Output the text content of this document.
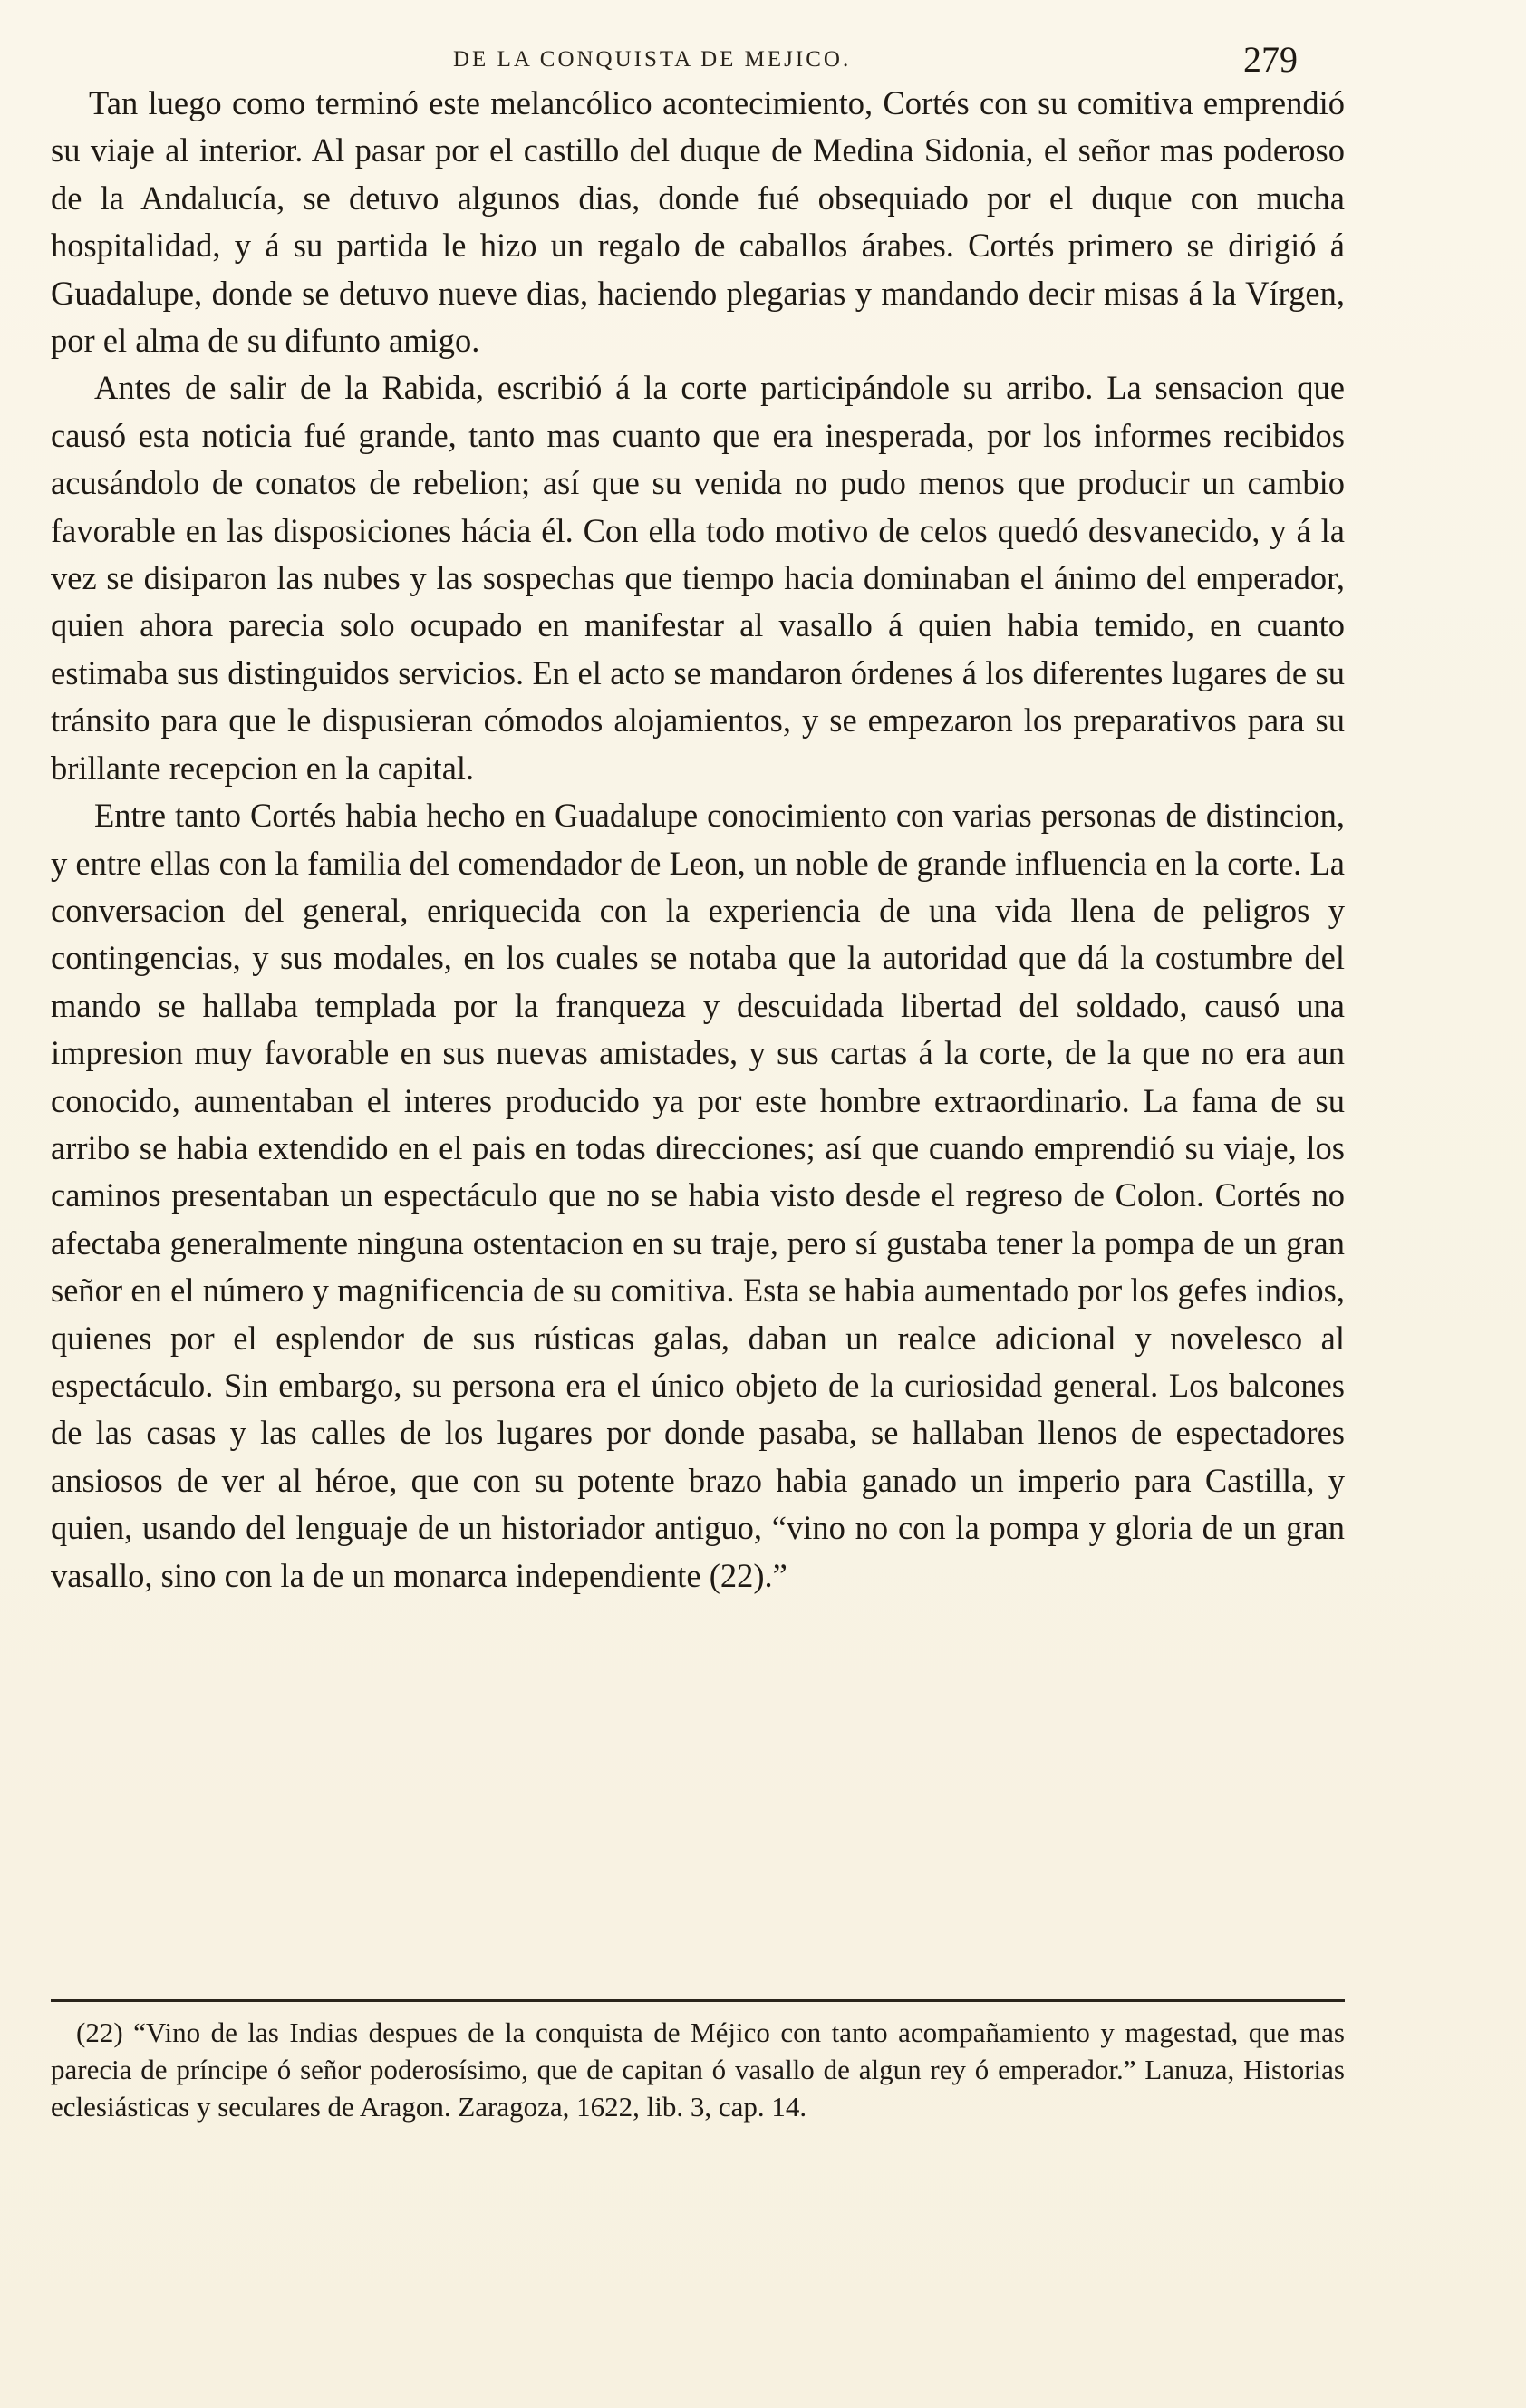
DE LA CONQUISTA DE MEJICO.	279

Tan luego como terminó este melancólico acontecimiento, Cortés con su comitiva emprendió su viaje al interior. Al pasar por el castillo del duque de Medina Sidonia, el señor mas poderoso de la Andalucía, se detuvo algunos dias, donde fué obsequiado por el duque con mucha hospitalidad, y á su partida le hizo un regalo de caballos árabes. Cortés primero se dirigió á Guadalupe, donde se detuvo nueve dias, haciendo plegarias y mandando decir misas á la Vírgen, por el alma de su difunto amigo.

Antes de salir de la Rabida, escribió á la corte participándole su arribo. La sensacion que causó esta noticia fué grande, tanto mas cuanto que era inesperada, por los informes recibidos acusándolo de conatos de rebelion; así que su venida no pudo menos que producir un cambio favorable en las disposiciones hácia él. Con ella todo motivo de celos quedó desvanecido, y á la vez se disiparon las nubes y las sospechas que tiempo hacia dominaban el ánimo del emperador, quien ahora parecia solo ocupado en manifestar al vasallo á quien habia temido, en cuanto estimaba sus distinguidos servicios. En el acto se mandaron órdenes á los diferentes lugares de su tránsito para que le dispusieran cómodos alojamientos, y se empezaron los preparativos para su brillante recepcion en la capital.

Entre tanto Cortés habia hecho en Guadalupe conocimiento con varias personas de distincion, y entre ellas con la familia del comendador de Leon, un noble de grande influencia en la corte. La conversacion del general, enriquecida con la experiencia de una vida llena de peligros y contingencias, y sus modales, en los cuales se notaba que la autoridad que dá la costumbre del mando se hallaba templada por la franqueza y descuidada libertad del soldado, causó una impresion muy favorable en sus nuevas amistades, y sus cartas á la corte, de la que no era aun conocido, aumentaban el interes producido ya por este hombre extraordinario. La fama de su arribo se habia extendido en el pais en todas direcciones; así que cuando emprendió su viaje, los caminos presentaban un espectáculo que no se habia visto desde el regreso de Colon. Cortés no afectaba generalmente ninguna ostentacion en su traje, pero sí gustaba tener la pompa de un gran señor en el número y magnificencia de su comitiva. Esta se habia aumentado por los gefes indios, quienes por el esplendor de sus rústicas galas, daban un realce adicional y novelesco al espectáculo. Sin embargo, su persona era el único objeto de la curiosidad general. Los balcones de las casas y las calles de los lugares por donde pasaba, se hallaban llenos de espectadores ansiosos de ver al héroe, que con su potente brazo habia ganado un imperio para Castilla, y quien, usando del lenguaje de un historiador antiguo, “vino no con la pompa y gloria de un gran vasallo, sino con la de un monarca independiente (22).”

(22) “Vino de las Indias despues de la conquista de Méjico con tanto acompañamiento y magestad, que mas parecia de príncipe ó señor poderosísimo, que de capitan ó vasallo de algun rey ó emperador.” Lanuza, Historias eclesiásticas y seculares de Aragon. Zaragoza, 1622, lib. 3, cap. 14.
